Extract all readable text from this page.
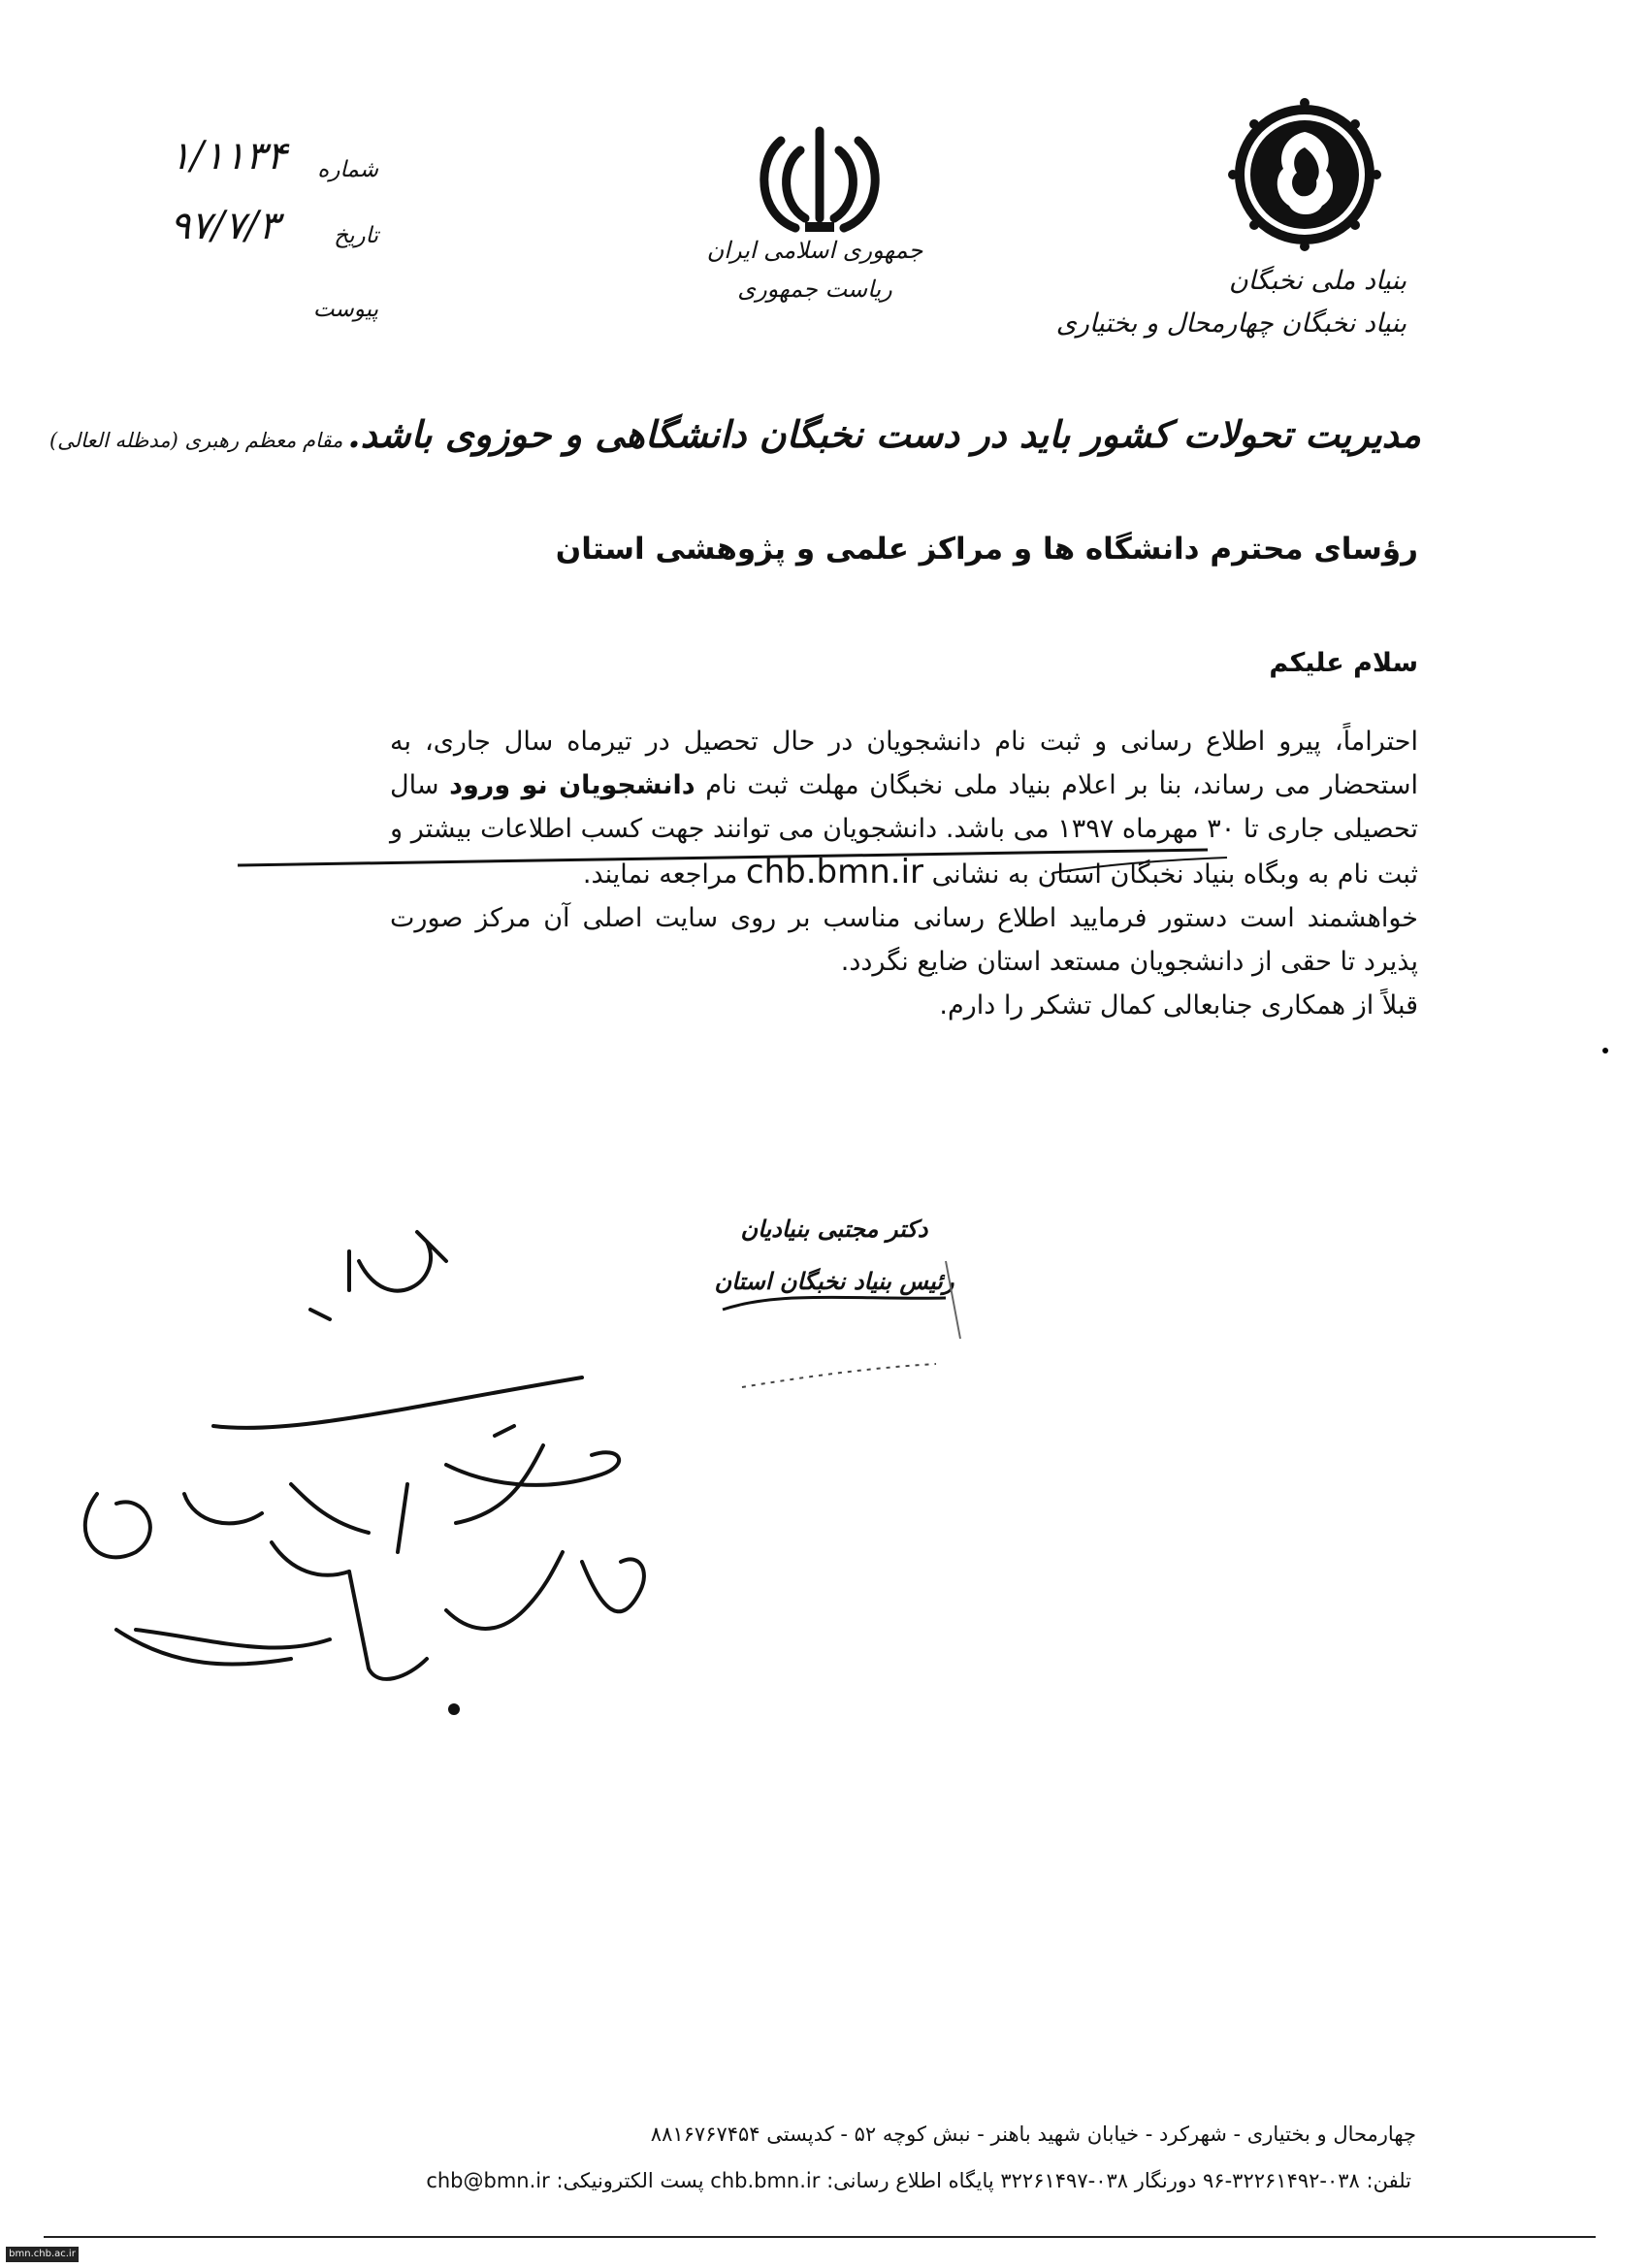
بنیاد ملی نخبگان
بنیاد نخبگان چهارمحال و بختیاری
جمهوری اسلامی ایران
ریاست جمهوری
شماره
۱/۱۱۳۴
تاریخ
۹۷/۷/۳
پیوست
مدیریت تحولات کشور باید در دست نخبگان دانشگاهی و حوزوی باشد. مقام معظم رهبری (مدظله العالی)
رؤسای محترم دانشگاه ها و مراکز علمی و پژوهشی استان
سلام علیکم

احتراماً، پیرو اطلاع رسانی و ثبت نام دانشجویان در حال تحصیل در تیرماه سال جاری، به استحضار می رساند، بنا بر اعلام بنیاد ملی نخبگان مهلت ثبت نام دانشجویان نو ورود سال تحصیلی جاری تا ۳۰ مهرماه ۱۳۹۷ می باشد. دانشجویان می توانند جهت کسب اطلاعات بیشتر و ثبت نام به وبگاه بنیاد نخبگان استان به نشانی chb.bmn.ir مراجعه نمایند.

خواهشمند است دستور فرمایید اطلاع رسانی مناسب بر روی سایت اصلی آن مرکز صورت پذیرد تا حقی از دانشجویان مستعد استان ضایع نگردد.

قبلاً از همکاری جنابعالی کمال تشکر را دارم.

دکتر مجتبی بنیادیان
رئیس بنیاد نخبگان استان
چهارمحال و بختیاری - شهرکرد - خیابان شهید باهنر - نبش کوچه ۵۲ - کدپستی ۸۸۱۶۷۶۷۴۵۴
تلفن: ۰۳۸-۳۲۲۶۱۴۹۲-۹۶ دورنگار ۰۳۸-۳۲۲۶۱۴۹۷ پایگاه اطلاع رسانی: chb.bmn.ir پست الکترونیکی: chb@bmn.ir
bmn.chb.ac.ir
